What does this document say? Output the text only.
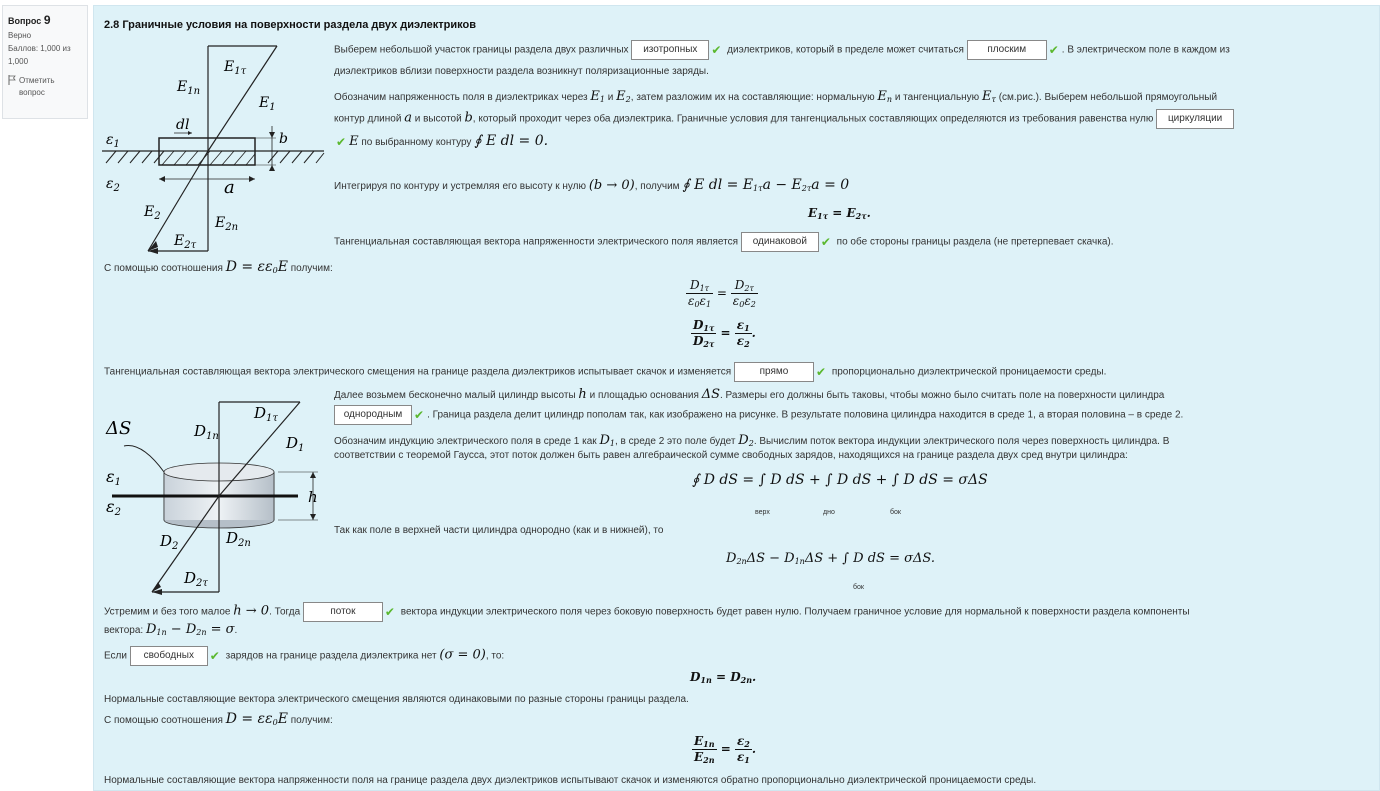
Вопрос 9
Верно
Баллов: 1,000 из 1,000
Отметить вопрос
2.8 Граничные условия на поверхности раздела двух диэлектриков
$\varepsilon_1$
$\varepsilon_2$
$E_{1\tau}$
$E_{1n}$
$E_1$
dl
b
a
$E_2$	$E_{2n}$
$E_{2\tau}$
Выберем небольшой участок границы раздела двух различных изотропных ✔ диэлектриков, который в пределе может считаться плоским ✔ . В электрическом поле в каждом из
диэлектриков вблизи поверхности раздела возникнут поляризационные заряды.
Обозначим напряженность поля в диэлектриках через $E_1$ и $E_2$, затем разложим их на составляющие: нормальную $E_n$ и тангенциальную $E_\tau$ (см.рис.). Выберем небольшой прямоугольный
контур длиной a и высотой b, который проходит через оба диэлектрика. Граничные условия для тангенциальных составляющих определяются из требования равенства нулю циркуляции
✔ E по выбранному контуру ∮ E dl = 0.
Интегрируя по контуру и устремляя его высоту к нулю (b → 0), получим ∮ E dl = $E_{1\tau}a - E_{2\tau}a = 0$
$E_{1\tau} = E_{2\tau}$.
Тангенциальная составляющая вектора напряженности электрического поля является одинаковой ✔ по обе стороны границы раздела (не претерпевает скачка).
С помощью соотношения $D = \varepsilon\varepsilon_0E$ получим:
$\frac{D_{1\tau}}{\varepsilon_0\varepsilon_1} = \frac{D_{2\tau}}{\varepsilon_0\varepsilon_2}$
$\frac{D_{1\tau}}{D_{2\tau}} = \frac{\varepsilon_1}{\varepsilon_2}$ .
Тангенциальная составляющая вектора электрического смещения на границе раздела диэлектриков испытывает скачок и изменяется	прямо ✔ пропорционально диэлектрической проницаемости среды.
ΔS
$D_{1\tau}$
$D_{1n}$	$D_1$
ε1
ε2
h
$D_2$	$D_{2n}$
$D_{2\tau}$
Далее возьмем бесконечно малый цилиндр высоты h и площадью основания ΔS. Размеры его должны быть таковы, чтобы можно было считать поле на поверхности цилиндра
однородным ✔ . Граница раздела делит цилиндр пополам так, как изображено на рисунке. В результате половина цилиндра находится в среде 1, а вторая половина – в среде 2.
Обозначим индукцию электрического поля в среде 1 как $D_1$, в среде 2 это поле будет $D_2$. Вычислим поток вектора индукции электрического поля через поверхность цилиндра. В
соответствии с теоремой Гаусса, этот поток должен быть равен алгебраической сумме свободных зарядов, находящихся на границе раздела двух сред внутри цилиндра:
∮ D dS = ∫ D dS + ∫ D dS + ∫ D dS = σΔS
верх	дно	бок
Так как поле в верхней части цилиндра однородно (как и в нижней), то
$D_{2n}\Delta S - D_{1n}\Delta S$ + ∫ D dS = σΔS.
бок
Устремим и без того малое h → 0. Тогда	поток ✔ вектора индукции электрического поля через боковую поверхность будет равен нулю. Получаем граничное условие для нормальной к поверхности раздела компоненты
вектора: $D_{1n} - D_{2n} = \sigma$.
Если свободных ✔ зарядов на границе раздела диэлектрика нет (σ = 0), то:
$D_{1n} = D_{2n}$.
Нормальные составляющие вектора электрического смещения являются одинаковыми по разные стороны границы раздела.
С помощью соотношения $D = \varepsilon\varepsilon_0E$ получим:
$\frac{E_{1n}}{E_{2n}} = \frac{\varepsilon_2}{\varepsilon_1}$ .
Нормальные составляющие вектора напряженности поля на границе раздела двух диэлектриков испытывают скачок и изменяются обратно пропорционально диэлектрической проницаемости среды.
